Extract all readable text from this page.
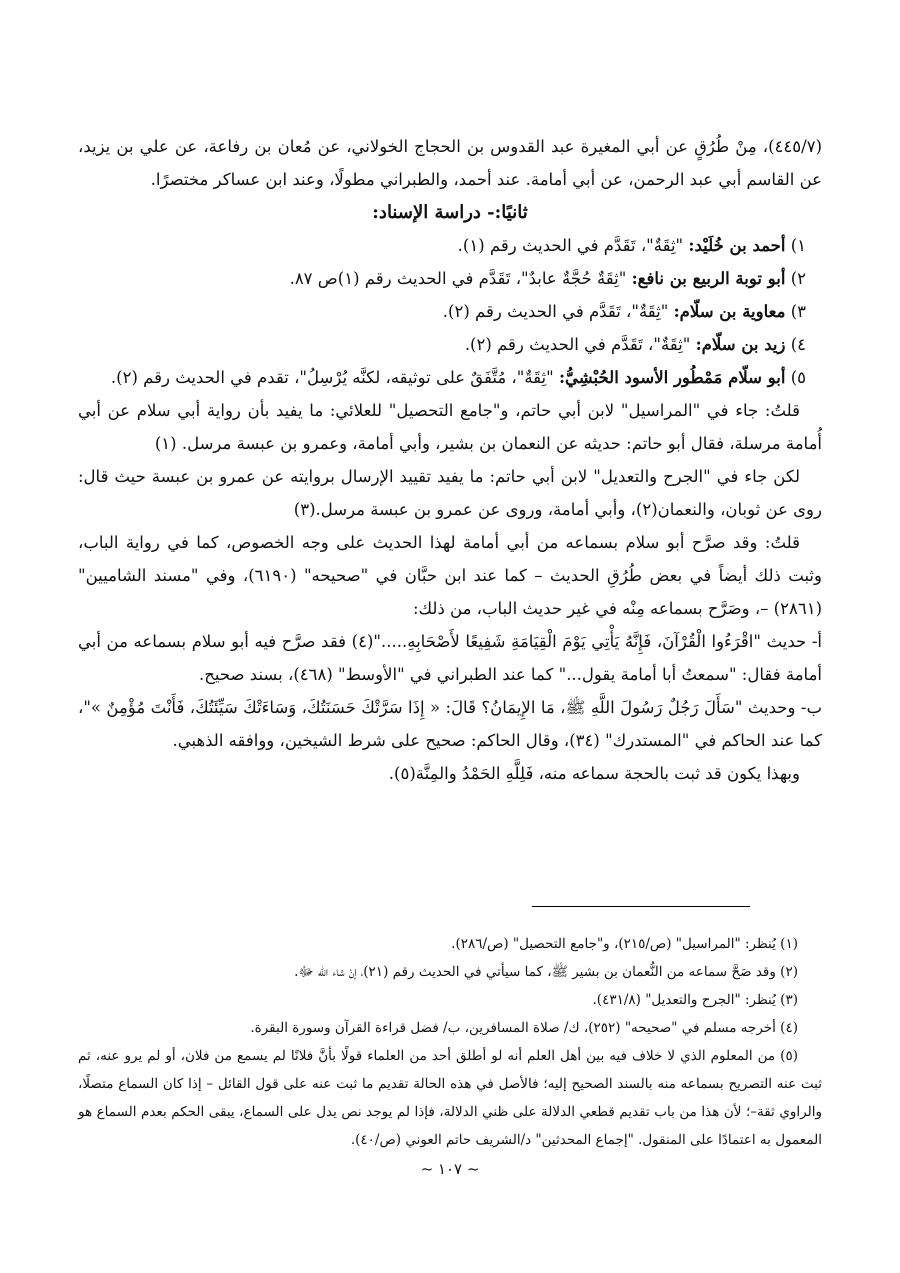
(٤٤٥/٧)، مِنْ طُرُقٍ عن أبي المغيرة عبد القدوس بن الحجاج الخولاني، عن مُعان بن رفاعة، عن علي بن يزيد، عن القاسم أبي عبد الرحمن، عن أبي أمامة. عند أحمد، والطبراني مطولًا، وعند ابن عساكر مختصرًا.

ثانيًا:- دراسة الإسناد:

١) أحمد بن خُلَيْد: "ثِقَةٌ"، تَقَدَّم في الحديث رقم (١).

٢) أبو توبة الربيع بن نافع: "ثِقَةٌ حُجَّةٌ عابدٌ"، تَقَدَّم في الحديث رقم (١)ص ٨٧.

٣) معاوية بن سلّام: "ثِقَةٌ"، تَقَدَّم في الحديث رقم (٢).

٤) زيد بن سلّام: "ثِقَةٌ"، تَقَدَّم في الحديث رقم (٢).

٥) أبو سلّام مَمْطُور الأسود الحُبْشِيُّ: "ثِقَةٌ"، مُتَّفَقٌ على توثيقه، لكنَّه يُرْسِلُ"، تقدم في الحديث رقم (٢).

قلتُ: جاء في "المراسيل" لابن أبي حاتم، و"جامع التحصيل" للعلائي: ما يفيد بأن رواية أبي سلام عن أبي أُمامة مرسلة، فقال أبو حاتم: حديثه عن النعمان بن بشير، وأبي أمامة، وعمرو بن عبسة مرسل. (١)

لكن جاء في "الجرح والتعديل" لابن أبي حاتم: ما يفيد تقييد الإرسال بروايته عن عمرو بن عبسة حيث قال: روى عن ثوبان، والنعمان(٢)، وأبي أمامة، وروى عن عمرو بن عبسة مرسل.(٣)

قلتُ: وقد صرَّح أبو سلام بسماعه من أبي أمامة لهذا الحديث على وجه الخصوص، كما في رواية الباب، وثبت ذلك أيضاً في بعض طُرُقِ الحديث – كما عند ابن حبَّان في "صحيحه" (٦١٩٠)، وفي "مسند الشاميين" (٢٨٦١) –، وصَرَّح بسماعه مِنْه في غير حديث الباب، من ذلك:

أ- حديث "اقْرَءُوا الْقُرْآنَ، فَإِنَّهُ يَأْتِي يَوْمَ الْقِيَامَةِ شَفِيعًا لأَصْحَابِهِ....."(٤) فقد صرَّح فيه أبو سلام بسماعه من أبي أمامة فقال: "سمعتُ أبا أمامة يقول..." كما عند الطبراني في "الأوسط" (٤٦٨)، بسند صحيح.

ب- وحديث "سَأَلَ رَجُلٌ رَسُولَ اللَّهِ ﷺ، مَا الإِيمَانُ؟ قَالَ: « إِذَا سَرَّتْكَ حَسَنَتُكَ، وَسَاءَتْكَ سَيِّئَتُكَ، فَأَنْتَ مُؤْمِنٌ »"، كما عند الحاكم في "المستدرك" (٣٤)، وقال الحاكم: صحيح على شرط الشيخين، ووافقه الذهبي.

وبهذا يكون قد ثبت بالحجة سماعه منه، فَلِلَّهِ الحَمْدُ والمِنَّة(٥).

(١) يُنظر: "المراسيل" (ص/٢١٥)، و"جامع التحصيل" (ص/٢٨٦).

(٢) وقد صَحَّ سماعه من النُّعمان بن بشير ﷺ، كما سيأتي في الحديث رقم (٢١)، إنْ شاء الله ﷻ.

(٣) يُنظر: "الجرح والتعديل" (٤٣١/٨).

(٤) أخرجه مسلم في "صحيحه" (٢٥٢)، ك/ صلاة المسافرين، ب/ فضل قراءة القرآن وسورة البقرة.

(٥) من المعلوم الذي لا خلاف فيه بين أهل العلم أنه لو أطلق أحد من العلماء قولًا بأنَّ فلانًا لم يسمع من فلان، أو لم يرو عنه، ثم ثبت عنه التصريح بسماعه منه بالسند الصحيح إليه؛ فالأصل في هذه الحالة تقديم ما ثبت عنه على قول القائل – إذا كان السماع متصلًا، والراوي ثقة–؛ لأن هذا من باب تقديم قطعي الدلالة على ظني الدلالة، فإذا لم يوجد نص يدل على السماع، يبقى الحكم بعدم السماع هو المعمول به اعتمادًا على المنقول. "إجماع المحدثين" د/الشريف حاتم العوني (ص/٤٠).

~ ١٠٧ ~
